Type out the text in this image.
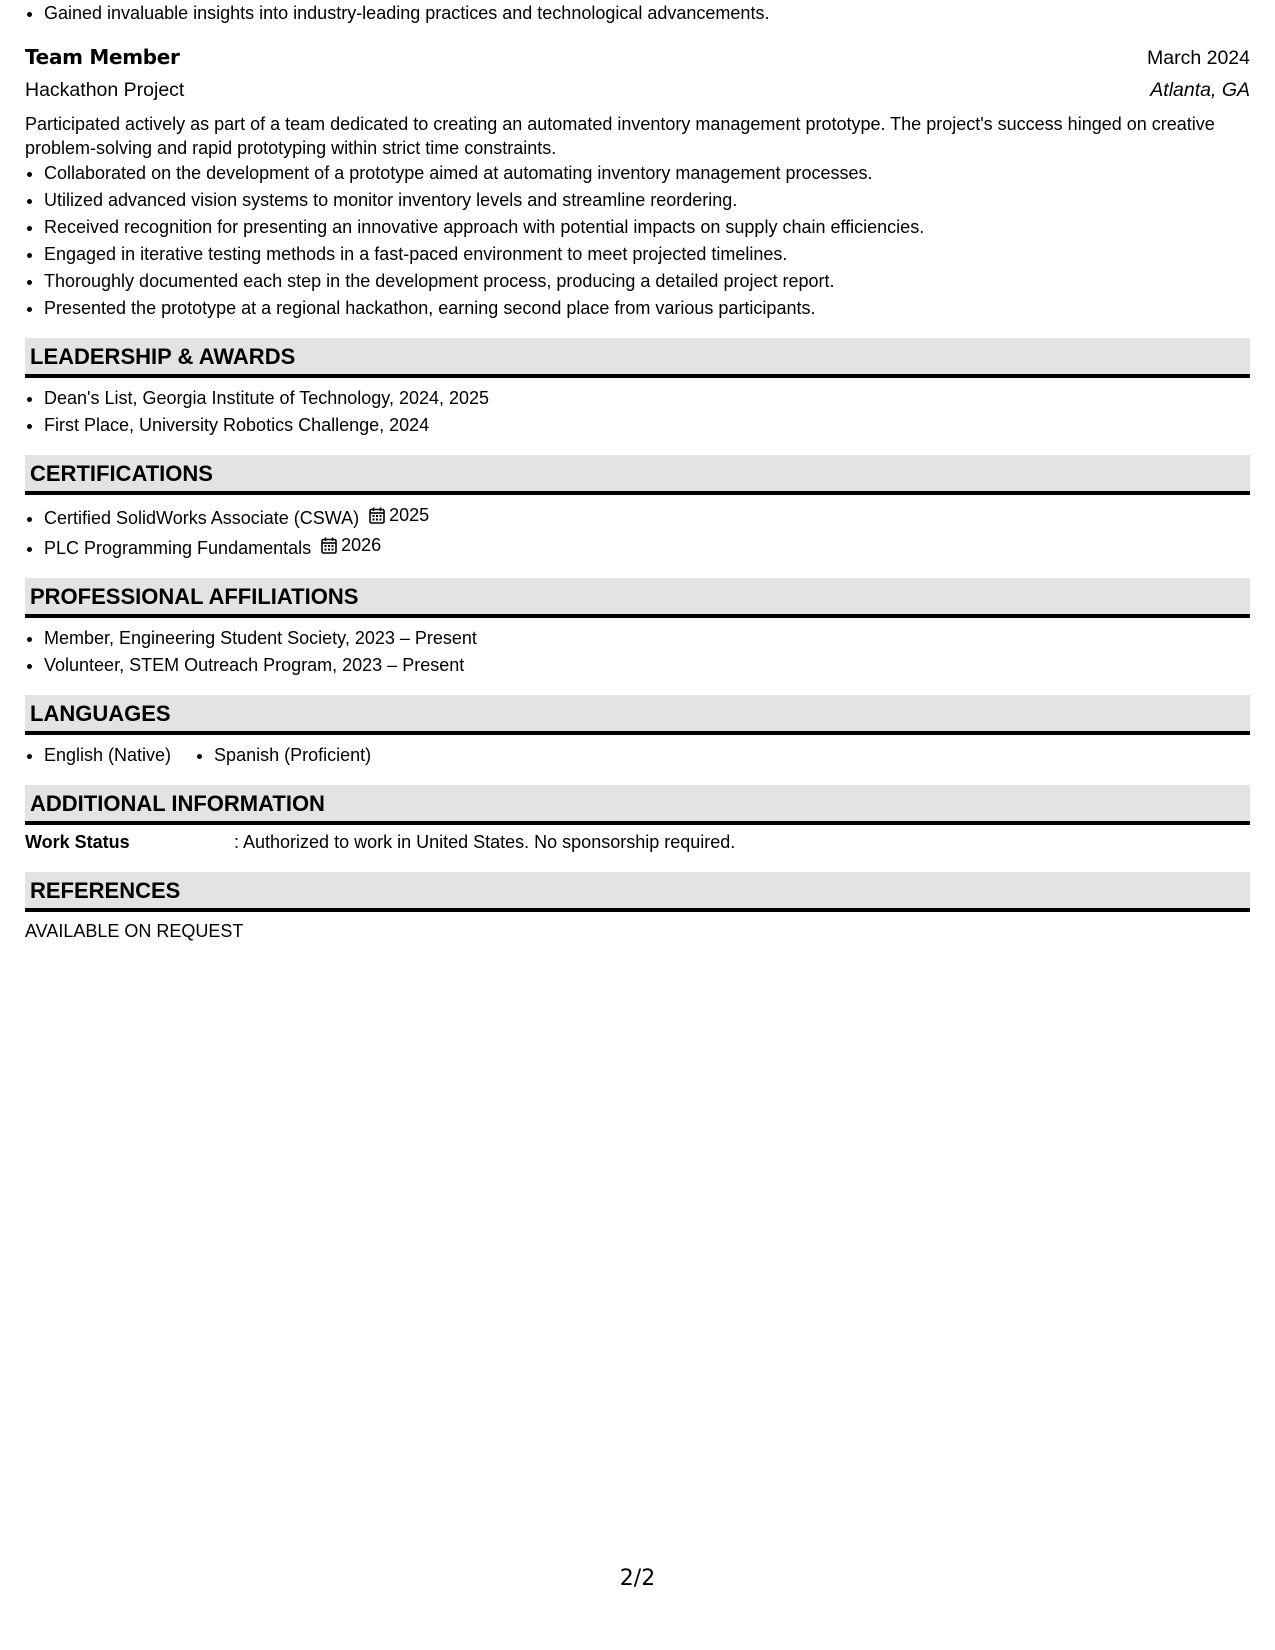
• Gained invaluable insights into industry-leading practices and technological advancements.
Team Member	March 2024
Hackathon Project	Atlanta, GA
Participated actively as part of a team dedicated to creating an automated inventory management prototype. The project's success hinged on creative problem-solving and rapid prototyping within strict time constraints.
• Collaborated on the development of a prototype aimed at automating inventory management processes.
• Utilized advanced vision systems to monitor inventory levels and streamline reordering.
• Received recognition for presenting an innovative approach with potential impacts on supply chain efficiencies.
• Engaged in iterative testing methods in a fast-paced environment to meet projected timelines.
• Thoroughly documented each step in the development process, producing a detailed project report.
• Presented the prototype at a regional hackathon, earning second place from various participants.
LEADERSHIP & AWARDS
• Dean's List, Georgia Institute of Technology, 2024, 2025
• First Place, University Robotics Challenge, 2024
CERTIFICATIONS
• Certified SolidWorks Associate (CSWA) 2025
• PLC Programming Fundamentals 2026
PROFESSIONAL AFFILIATIONS
• Member, Engineering Student Society, 2023 – Present
• Volunteer, STEM Outreach Program, 2023 – Present
LANGUAGES
• English (Native)
• Spanish (Proficient)
ADDITIONAL INFORMATION
Work Status	: Authorized to work in United States. No sponsorship required.
REFERENCES
AVAILABLE ON REQUEST
2/2
